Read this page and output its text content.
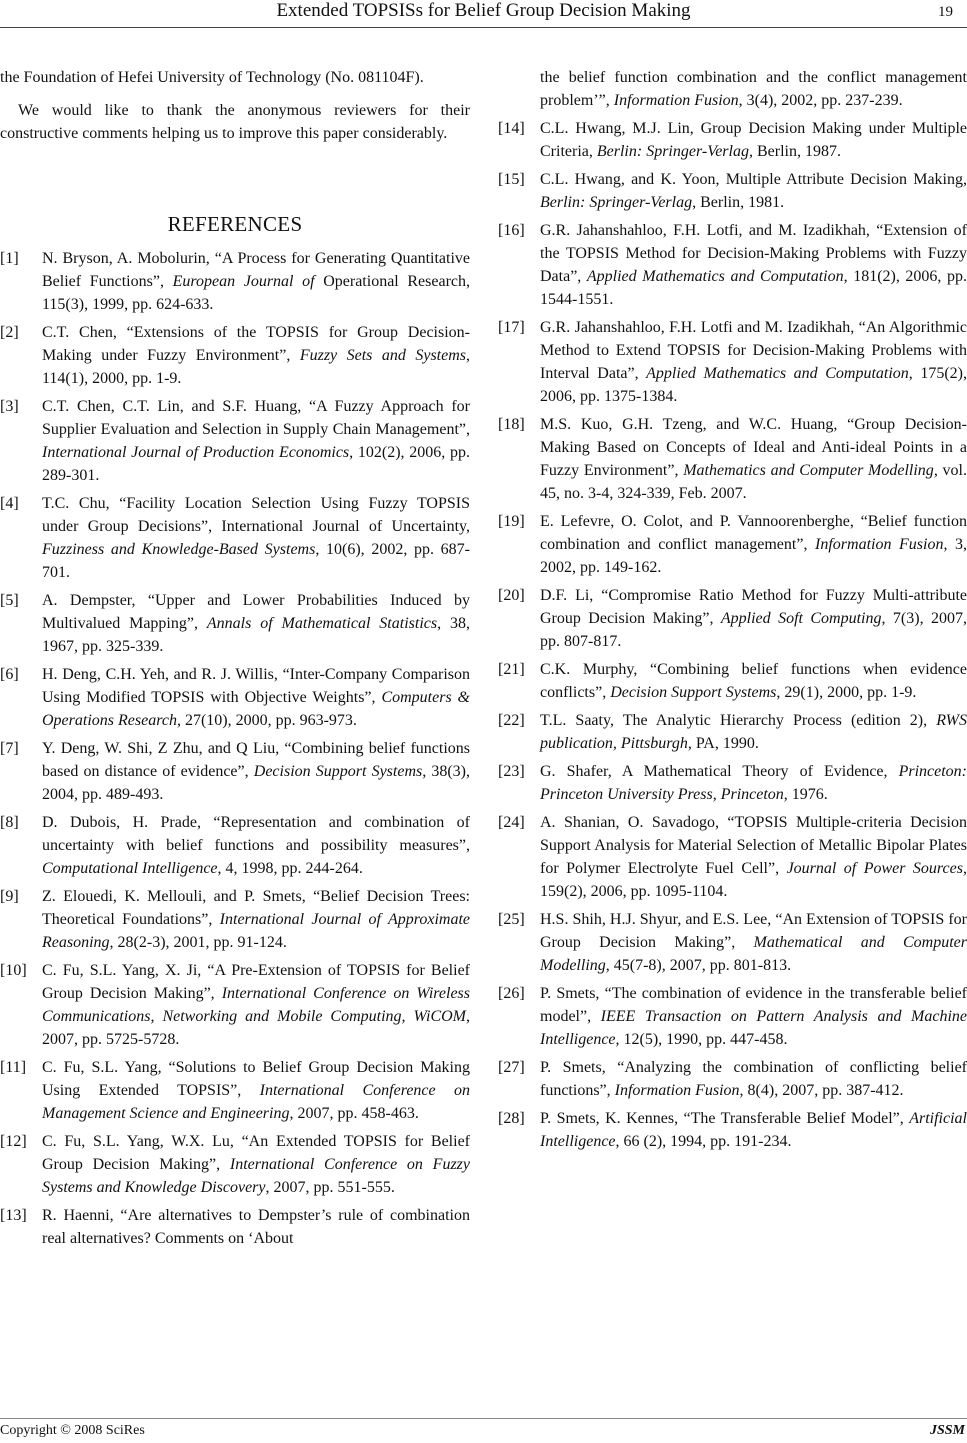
Extended TOPSISs for Belief Group Decision Making	19

the Foundation of Hefei University of Technology (No. 081104F).

We would like to thank the anonymous reviewers for their constructive comments helping us to improve this paper considerably.

REFERENCES
[1] N. Bryson, A. Mobolurin, “A Process for Generating Quantitative Belief Functions”, European Journal of Operational Research, 115(3), 1999, pp. 624-633.
[2] C.T. Chen, “Extensions of the TOPSIS for Group Decision-Making under Fuzzy Environment”, Fuzzy Sets and Systems, 114(1), 2000, pp. 1-9.
[3] C.T. Chen, C.T. Lin, and S.F. Huang, “A Fuzzy Approach for Supplier Evaluation and Selection in Supply Chain Management”, International Journal of Production Economics, 102(2), 2006, pp. 289-301.
[4] T.C. Chu, “Facility Location Selection Using Fuzzy TOPSIS under Group Decisions”, International Journal of Uncertainty, Fuzziness and Knowledge-Based Systems, 10(6), 2002, pp. 687-701.
[5] A. Dempster, “Upper and Lower Probabilities Induced by Multivalued Mapping”, Annals of Mathematical Statistics, 38, 1967, pp. 325-339.
[6] H. Deng, C.H. Yeh, and R. J. Willis, “Inter-Company Comparison Using Modified TOPSIS with Objective Weights”, Computers & Operations Research, 27(10), 2000, pp. 963-973.
[7] Y. Deng, W. Shi, Z Zhu, and Q Liu, “Combining belief functions based on distance of evidence”, Decision Support Systems, 38(3), 2004, pp. 489-493.
[8] D. Dubois, H. Prade, “Representation and combination of uncertainty with belief functions and possibility measures”, Computational Intelligence, 4, 1998, pp. 244-264.
[9] Z. Elouedi, K. Mellouli, and P. Smets, “Belief Decision Trees: Theoretical Foundations”, International Journal of Approximate Reasoning, 28(2-3), 2001, pp. 91-124.
[10] C. Fu, S.L. Yang, X. Ji, “A Pre-Extension of TOPSIS for Belief Group Decision Making”, International Conference on Wireless Communications, Networking and Mobile Computing, WiCOM, 2007, pp. 5725-5728.
[11] C. Fu, S.L. Yang, “Solutions to Belief Group Decision Making Using Extended TOPSIS”, International Conference on Management Science and Engineering, 2007, pp. 458-463.
[12] C. Fu, S.L. Yang, W.X. Lu, “An Extended TOPSIS for Belief Group Decision Making”, International Conference on Fuzzy Systems and Knowledge Discovery, 2007, pp. 551-555.
[13] R. Haenni, “Are alternatives to Dempster’s rule of combination real alternatives? Comments on ‘About
the belief function combination and the conflict management problem’”, Information Fusion, 3(4), 2002, pp. 237-239.
[14] C.L. Hwang, M.J. Lin, Group Decision Making under Multiple Criteria, Berlin: Springer-Verlag, Berlin, 1987.
[15] C.L. Hwang, and K. Yoon, Multiple Attribute Decision Making, Berlin: Springer-Verlag, Berlin, 1981.
[16] G.R. Jahanshahloo, F.H. Lotfi, and M. Izadikhah, “Extension of the TOPSIS Method for Decision-Making Problems with Fuzzy Data”, Applied Mathematics and Computation, 181(2), 2006, pp. 1544-1551.
[17] G.R. Jahanshahloo, F.H. Lotfi and M. Izadikhah, “An Algorithmic Method to Extend TOPSIS for Decision-Making Problems with Interval Data”, Applied Mathematics and Computation, 175(2), 2006, pp. 1375-1384.
[18] M.S. Kuo, G.H. Tzeng, and W.C. Huang, “Group Decision-Making Based on Concepts of Ideal and Anti-ideal Points in a Fuzzy Environment”, Mathematics and Computer Modelling, vol. 45, no. 3-4, 324-339, Feb. 2007.
[19] E. Lefevre, O. Colot, and P. Vannoorenberghe, “Belief function combination and conflict management”, Information Fusion, 3, 2002, pp. 149-162.
[20] D.F. Li, “Compromise Ratio Method for Fuzzy Multi-attribute Group Decision Making”, Applied Soft Computing, 7(3), 2007, pp. 807-817.
[21] C.K. Murphy, “Combining belief functions when evidence conflicts”, Decision Support Systems, 29(1), 2000, pp. 1-9.
[22] T.L. Saaty, The Analytic Hierarchy Process (edition 2), RWS publication, Pittsburgh, PA, 1990.
[23] G. Shafer, A Mathematical Theory of Evidence, Princeton: Princeton University Press, Princeton, 1976.
[24] A. Shanian, O. Savadogo, “TOPSIS Multiple-criteria Decision Support Analysis for Material Selection of Metallic Bipolar Plates for Polymer Electrolyte Fuel Cell”, Journal of Power Sources, 159(2), 2006, pp. 1095-1104.
[25] H.S. Shih, H.J. Shyur, and E.S. Lee, “An Extension of TOPSIS for Group Decision Making”, Mathematical and Computer Modelling, 45(7-8), 2007, pp. 801-813.
[26] P. Smets, “The combination of evidence in the transferable belief model”, IEEE Transaction on Pattern Analysis and Machine Intelligence, 12(5), 1990, pp. 447-458.
[27] P. Smets, “Analyzing the combination of conflicting belief functions”, Information Fusion, 8(4), 2007, pp. 387-412.
[28] P. Smets, K. Kennes, “The Transferable Belief Model”, Artificial Intelligence, 66 (2), 1994, pp. 191-234.
Copyright © 2008 SciRes	JSSM
